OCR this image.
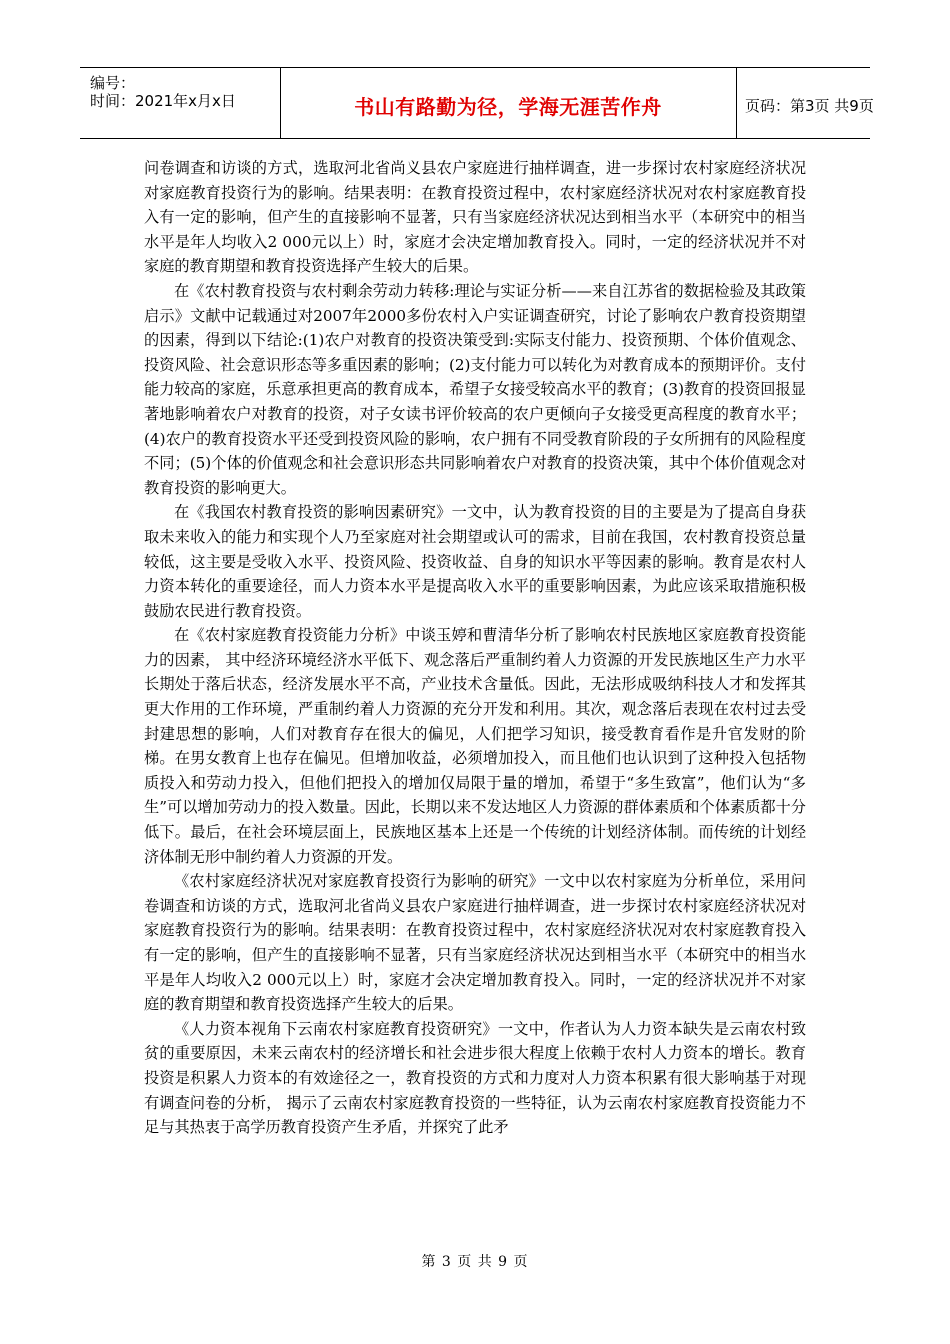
编号：
时间：2021年x月x日	书山有路勤为径，学海无涯苦作舟	页码：第3页 共9页

问卷调查和访谈的方式，选取河北省尚义县农户家庭进行抽样调查，进一步探讨农村家庭经济状况对家庭教育投资行为的影响。结果表明：在教育投资过程中，农村家庭经济状况对农村家庭教育投入有一定的影响，但产生的直接影响不显著，只有当家庭经济状况达到相当水平（本研究中的相当水平是年人均收入2 000元以上）时，家庭才会决定增加教育投入。同时，一定的经济状况并不对家庭的教育期望和教育投资选择产生较大的后果。

在《农村教育投资与农村剩余劳动力转移:理论与实证分析——来自江苏省的数据检验及其政策启示》文献中记载通过对2007年2000多份农村入户实证调查研究，讨论了影响农户教育投资期望的因素，得到以下结论:(1)农户对教育的投资决策受到:实际支付能力、投资预期、个体价值观念、投资风险、社会意识形态等多重因素的影响；(2)支付能力可以转化为对教育成本的预期评价。支付能力较高的家庭，乐意承担更高的教育成本，希望子女接受较高水平的教育；(3)教育的投资回报显著地影响着农户对教育的投资，对子女读书评价较高的农户更倾向子女接受更高程度的教育水平；(4)农户的教育投资水平还受到投资风险的影响，农户拥有不同受教育阶段的子女所拥有的风险程度不同；(5)个体的价值观念和社会意识形态共同影响着农户对教育的投资决策，其中个体价值观念对教育投资的影响更大。

在《我国农村教育投资的影响因素研究》一文中，认为教育投资的目的主要是为了提高自身获取未来收入的能力和实现个人乃至家庭对社会期望或认可的需求，目前在我国，农村教育投资总量较低，这主要是受收入水平、投资风险、投资收益、自身的知识水平等因素的影响。教育是农村人力资本转化的重要途径，而人力资本水平是提高收入水平的重要影响因素，为此应该采取措施积极鼓励农民进行教育投资。

在《农村家庭教育投资能力分析》中谈玉婷和曹清华分析了影响农村民族地区家庭教育投资能力的因素， 其中经济环境经济水平低下、观念落后严重制约着人力资源的开发民族地区生产力水平长期处于落后状态，经济发展水平不高，产业技术含量低。因此，无法形成吸纳科技人才和发挥其更大作用的工作环境，严重制约着人力资源的充分开发和利用。其次，观念落后表现在农村过去受封建思想的影响，人们对教育存在很大的偏见，人们把学习知识，接受教育看作是升官发财的阶梯。在男女教育上也存在偏见。但增加收益，必须增加投入，而且他们也认识到了这种投入包括物质投入和劳动力投入，但他们把投入的增加仅局限于量的增加，希望于“多生致富”，他们认为“多生”可以增加劳动力的投入数量。因此，长期以来不发达地区人力资源的群体素质和个体素质都十分低下。最后，在社会环境层面上，民族地区基本上还是一个传统的计划经济体制。而传统的计划经济体制无形中制约着人力资源的开发。

《农村家庭经济状况对家庭教育投资行为影响的研究》一文中以农村家庭为分析单位，采用问卷调查和访谈的方式，选取河北省尚义县农户家庭进行抽样调查，进一步探讨农村家庭经济状况对家庭教育投资行为的影响。结果表明：在教育投资过程中，农村家庭经济状况对农村家庭教育投入有一定的影响，但产生的直接影响不显著，只有当家庭经济状况达到相当水平（本研究中的相当水平是年人均收入2 000元以上）时，家庭才会决定增加教育投入。同时，一定的经济状况并不对家庭的教育期望和教育投资选择产生较大的后果。

《人力资本视角下云南农村家庭教育投资研究》一文中，作者认为人力资本缺失是云南农村致贫的重要原因，未来云南农村的经济增长和社会进步很大程度上依赖于农村人力资本的增长。教育投资是积累人力资本的有效途径之一，教育投资的方式和力度对人力资本积累有很大影响基于对现有调查问卷的分析， 揭示了云南农村家庭教育投资的一些特征，认为云南农村家庭教育投资能力不足与其热衷于高学历教育投资产生矛盾，并探究了此矛

第 3 页 共 9 页
